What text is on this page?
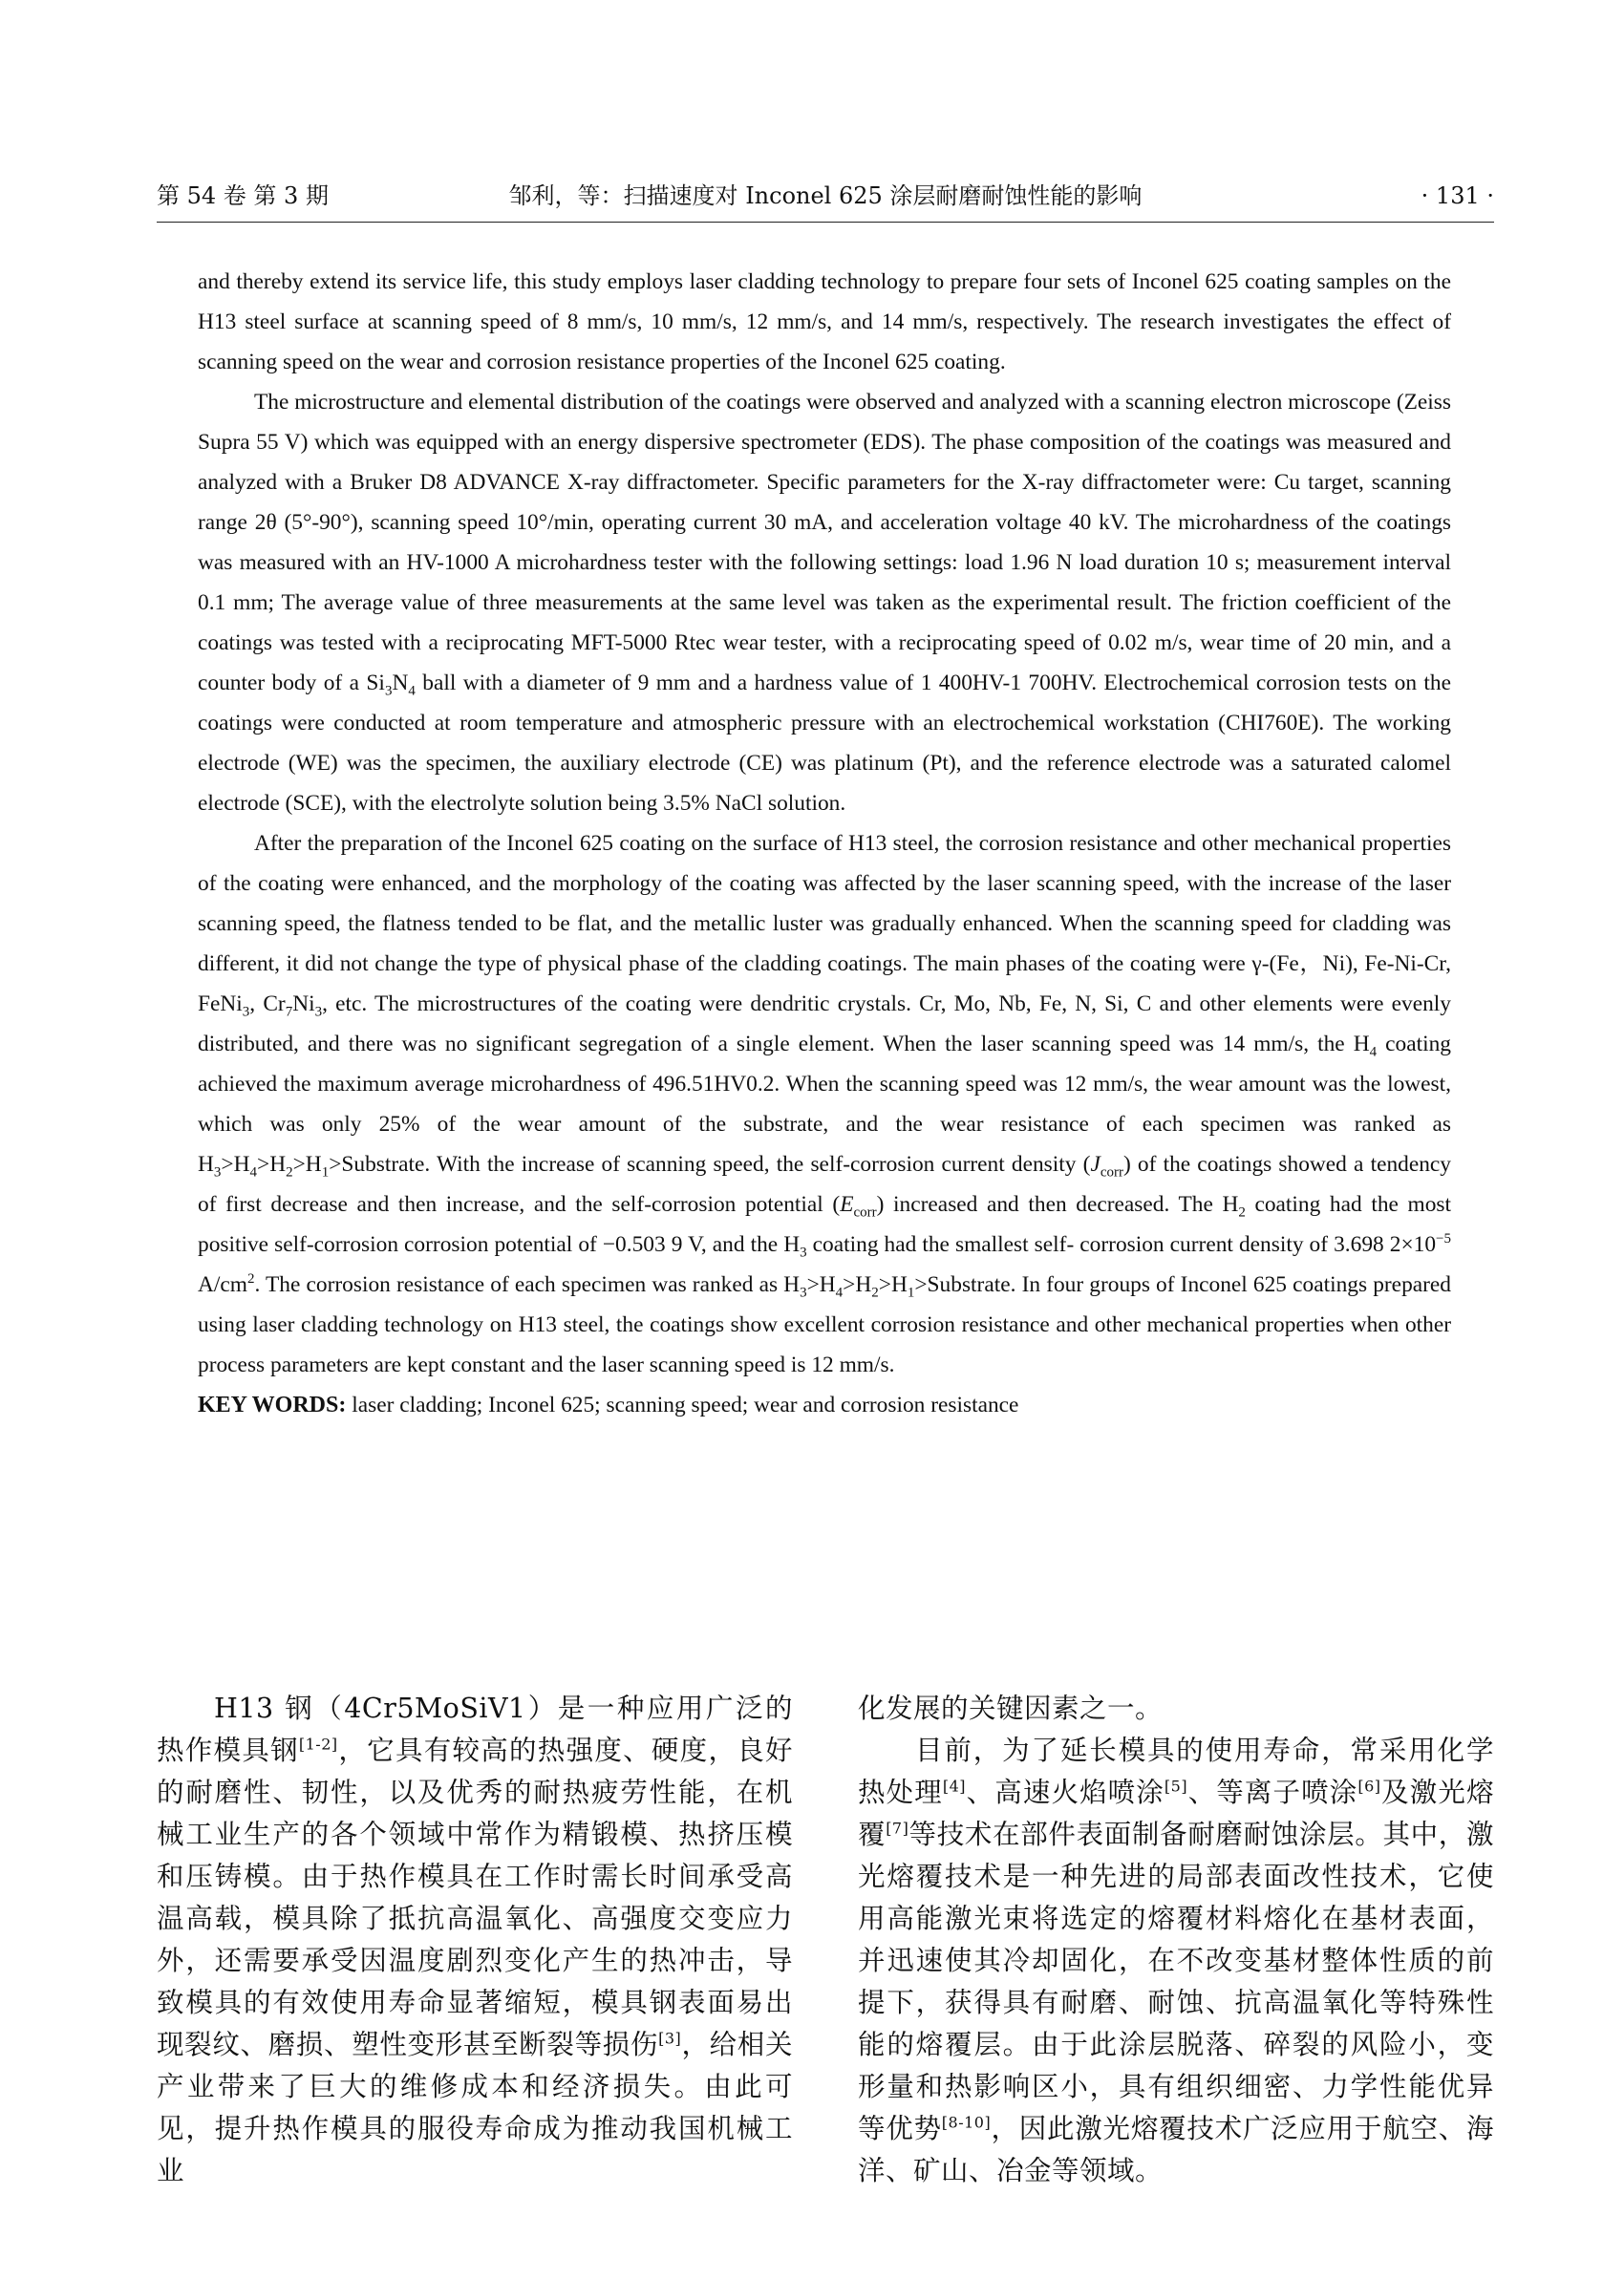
第 54 卷 第 3 期	邹利，等：扫描速度对 Inconel 625 涂层耐磨耐蚀性能的影响	· 131 ·

and thereby extend its service life, this study employs laser cladding technology to prepare four sets of Inconel 625 coating samples on the H13 steel surface at scanning speed of 8 mm/s, 10 mm/s, 12 mm/s, and 14 mm/s, respectively. The research investigates the effect of scanning speed on the wear and corrosion resistance properties of the Inconel 625 coating.

The microstructure and elemental distribution of the coatings were observed and analyzed with a scanning electron microscope (Zeiss Supra 55 V) which was equipped with an energy dispersive spectrometer (EDS). The phase composition of the coatings was measured and analyzed with a Bruker D8 ADVANCE X-ray diffractometer. Specific parameters for the X-ray diffractometer were: Cu target, scanning range 2θ (5°-90°), scanning speed 10°/min, operating current 30 mA, and acceleration voltage 40 kV. The microhardness of the coatings was measured with an HV-1000 A microhardness tester with the following settings: load 1.96 N load duration 10 s; measurement interval 0.1 mm; The average value of three measurements at the same level was taken as the experimental result. The friction coefficient of the coatings was tested with a reciprocating MFT-5000 Rtec wear tester, with a reciprocating speed of 0.02 m/s, wear time of 20 min, and a counter body of a $Si_3N_4$ ball with a diameter of 9 mm and a hardness value of 1 400HV-1 700HV. Electrochemical corrosion tests on the coatings were conducted at room temperature and atmospheric pressure with an electrochemical workstation (CHI760E). The working electrode (WE) was the specimen, the auxiliary electrode (CE) was platinum (Pt), and the reference electrode was a saturated calomel electrode (SCE), with the electrolyte solution being 3.5% NaCl solution.

After the preparation of the Inconel 625 coating on the surface of H13 steel, the corrosion resistance and other mechanical properties of the coating were enhanced, and the morphology of the coating was affected by the laser scanning speed, with the increase of the laser scanning speed, the flatness tended to be flat, and the metallic luster was gradually enhanced. When the scanning speed for cladding was different, it did not change the type of physical phase of the cladding coatings. The main phases of the coating were γ-(Fe，Ni), Fe-Ni-Cr, FeNi$_3$, $Cr_7Ni_3$, etc. The microstructures of the coating were dendritic crystals. Cr, Mo, Nb, Fe, N, Si, C and other elements were evenly distributed, and there was no significant segregation of a single element. When the laser scanning speed was 14 mm/s, the $H_4$ coating achieved the maximum average microhardness of 496.51HV0.2. When the scanning speed was 12 mm/s, the wear amount was the lowest, which was only 25% of the wear amount of the substrate, and the wear resistance of each specimen was ranked as $H_3>H_4>H_2>H_1>Substrate$. With the increase of scanning speed, the self-corrosion current density $(J_{corr})$ of the coatings showed a tendency of first decrease and then increase, and the self-corrosion potential $(E_{corr})$ increased and then decreased. The $H_2$ coating had the most positive self-corrosion corrosion potential of −0.503 9 V, and the $H_3$ coating had the smallest self- corrosion current density of 3.698 $2\times 10^{-5}$ $A/cm^2$. The corrosion resistance of each specimen was ranked as $H_3>H_4>H_2>H_1>Substrate$. In four groups of Inconel 625 coatings prepared using laser cladding technology on H13 steel, the coatings show excellent corrosion resistance and other mechanical properties when other process parameters are kept constant and the laser scanning speed is 12 mm/s.

KEY WORDS: laser cladding; Inconel 625; scanning speed; wear and corrosion resistance

H13 钢（4Cr5MoSiV1）是一种应用广泛的热作模具钢[1-2]，它具有较高的热强度、硬度，良好的耐磨性、韧性，以及优秀的耐热疲劳性能，在机械工业生产的各个领域中常作为精锻模、热挤压模和压铸模。由于热作模具在工作时需长时间承受高温高载，模具除了抵抗高温氧化、高强度交变应力外，还需要承受因温度剧烈变化产生的热冲击，导致模具的有效使用寿命显著缩短，模具钢表面易出现裂纹、磨损、塑性变形甚至断裂等损伤[3]，给相关产业带来了巨大的维修成本和经济损失。由此可见，提升热作模具的服役寿命成为推动我国机械工业

化发展的关键因素之一。

目前，为了延长模具的使用寿命，常采用化学热处理[4]、高速火焰喷涂[5]、等离子喷涂[6]及激光熔覆[7]等技术在部件表面制备耐磨耐蚀涂层。其中，激光熔覆技术是一种先进的局部表面改性技术，它使用高能激光束将选定的熔覆材料熔化在基材表面，并迅速使其冷却固化，在不改变基材整体性质的前提下，获得具有耐磨、耐蚀、抗高温氧化等特殊性能的熔覆层。由于此涂层脱落、碎裂的风险小，变形量和热影响区小，具有组织细密、力学性能优异等优势[8-10]，因此激光熔覆技术广泛应用于航空、海洋、矿山、冶金等领域。
